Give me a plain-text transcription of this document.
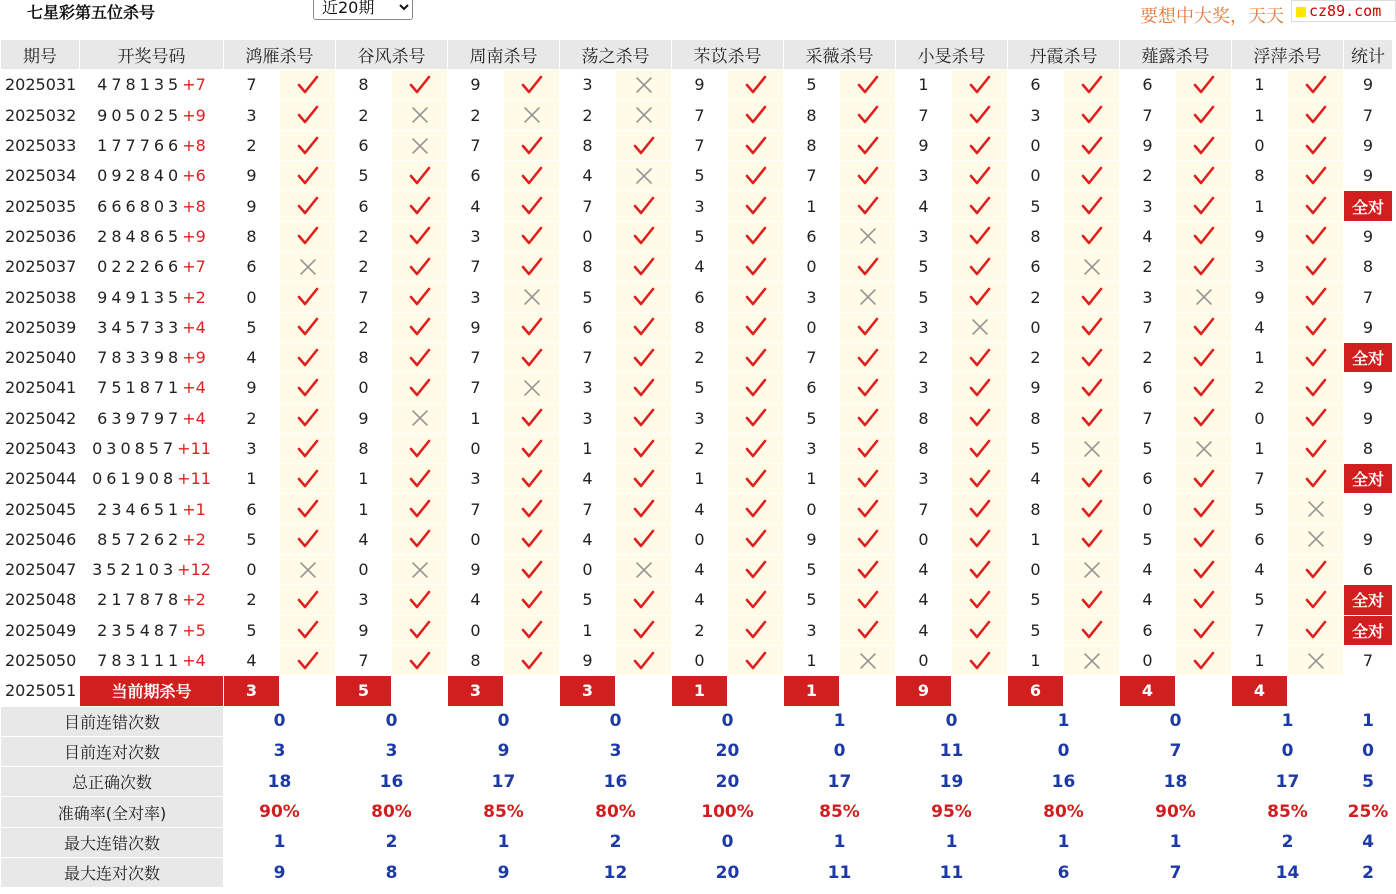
七星彩第五位杀号
近20期	要想中大奖，天天	cz89.com
期号	开奖号码	鸿雁杀号		谷风杀号		周南杀号		荡之杀号		芣苡杀号		采薇杀号		小旻杀号		丹霞杀号		薤露杀号		浮萍杀号		统计
2025031	478135+7	7		8		9		3		9		5		1		6		6		1		9
2025032	905025+9	3		2		2		2		7		8		7		3		7		1		7
2025033	177766+8	2		6		7		8		7		8		9		0		9		0		9
2025034	092840+6	9		5		6		4		5		7		3		0		2		8		9
2025035	666803+8	9		6		4		7		3		1		4		5		3		1		全对
2025036	284865+9	8		2		3		0		5		6		3		8		4		9		9
2025037	022266+7	6		2		7		8		4		0		5		6		2		3		8
2025038	949135+2	0		7		3		5		6		3		5		2		3		9		7
2025039	345733+4	5		2		9		6		8		0		3		0		7		4		9
2025040	783398+9	4		8		7		7		2		7		2		2		2		1		全对
2025041	751871+4	9		0		7		3		5		6		3		9		6		2		9
2025042	639797+4	2		9		1		3		3		5		8		8		7		0		9
2025043	030857+11	3		8		0		1		2		3		8		5		5		1		8
2025044	061908+11	1		1		3		4		1		1		3		4		6		7		全对
2025045	234651+1	6		1		7		7		4		0		7		8		0		5		9
2025046	857262+2	5		4		0		4		0		9		0		1		5		6		9
2025047	352103+12	0		0		9		0		4		5		4		0		4		4		6
2025048	217878+2	2		3		4		5		4		5		4		5		4		5		全对
2025049	235487+5	5		9		0		1		2		3		4		5		6		7		全对
2025050	783111+4	4		7		8		9		0		1		0		1		0		1		7
2025051	当前期杀号	3		5		3		3		1		1		9		6		4		4		
目前连错次数		0		0		0		0		0		1		0		1		0		1		1
目前连对次数		3		3		9		3		20		0		11		0		7		0		0
总正确次数		18		16		17		16		20		17		19		16		18		17		5
准确率(全对率)		90%		80%		85%		80%		100%		85%		95%		80%		90%		85%		25%
最大连错次数		1		2		1		2		0		1		1		1		1		2		4
最大连对次数		9		8		9		12		20		11		11		6		7		14		2
